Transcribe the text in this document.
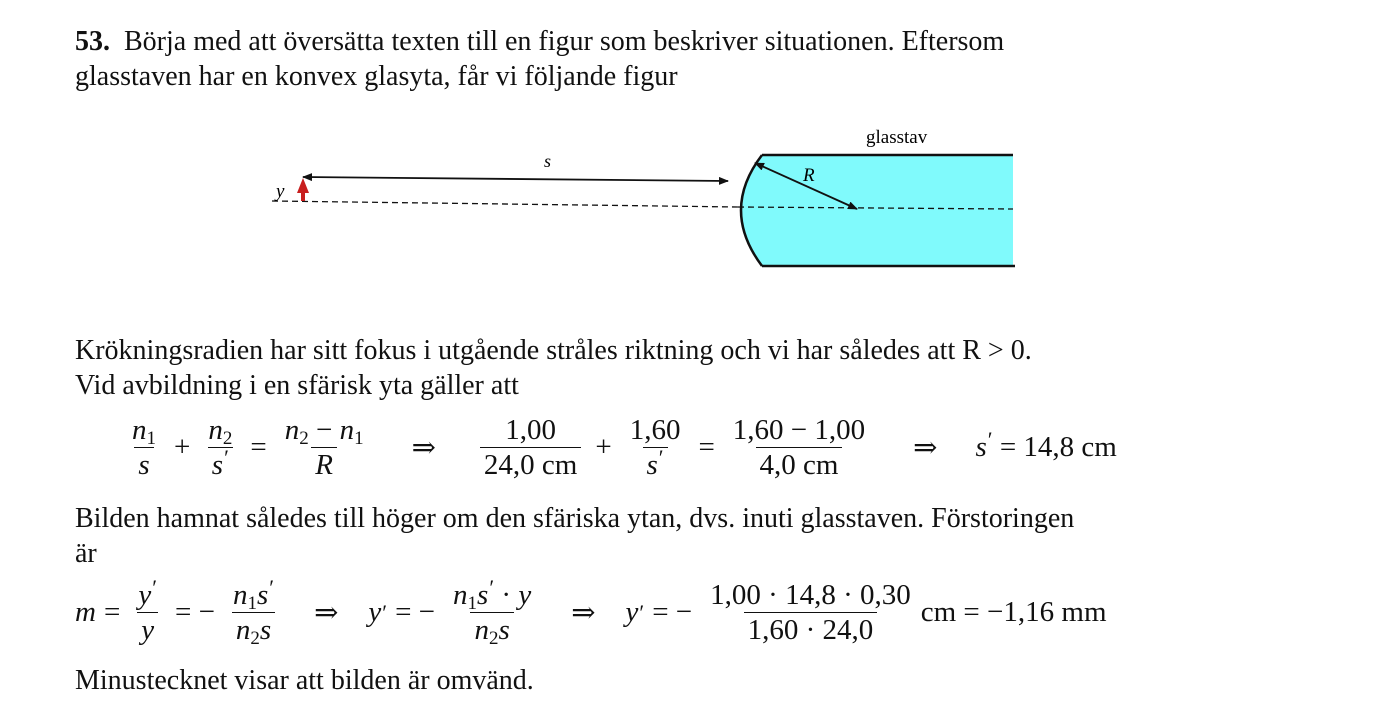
53. Börja med att översätta texten till en figur som beskriver situationen. Eftersom
glasstaven har en konvex glasyta, får vi följande figur
glasstav
s
R
y
Krökningsradien har sitt fokus i utgående stråles riktning och vi har således att R > 0.
Vid avbildning i en sfärisk yta gäller att
$\frac{n_1}{s} + \frac{n_2}{s'} = \frac{n_2 - n_1}{R}$ ⇒ $\frac{1,00}{24,0 cm} + \frac{1,60}{s'} = \frac{1,60 - 1,00}{4,0 cm}$ ⇒ s′ = 14,8 cm
Bilden hamnat således till höger om den sfäriska ytan, dvs. inuti glasstaven. Förstoringen
är
$m = \frac{y'}{y}$ = − $\frac{n_1s'}{n_2s}$ ⇒ y ′ = − $\frac{n_1s' \cdot y}{n_2s}$ ⇒ y ′ = − $\frac{1,00 \cdot 14,8 \cdot 0,30}{1,60 \cdot 24,0}$ cm = −1,16 mm
Minustecknet visar att bilden är omvänd.
